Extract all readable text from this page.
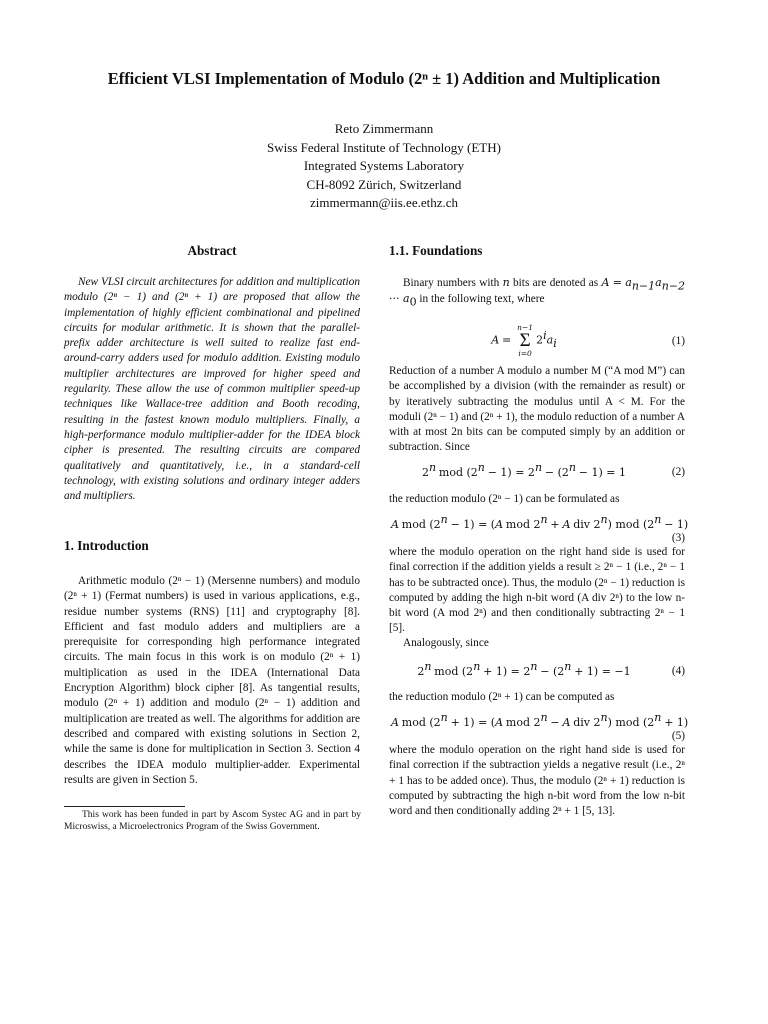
Efficient VLSI Implementation of Modulo (2ⁿ ± 1) Addition and Multiplication
Reto Zimmermann
Swiss Federal Institute of Technology (ETH)
Integrated Systems Laboratory
CH-8092 Zürich, Switzerland
zimmermann@iis.ee.ethz.ch
Abstract

New VLSI circuit architectures for addition and multiplication modulo (2ⁿ − 1) and (2ⁿ + 1) are proposed that allow the implementation of highly efficient combinational and pipelined circuits for modular arithmetic. It is shown that the parallel-prefix adder architecture is well suited to realize fast end-around-carry adders used for modulo addition. Existing modulo multiplier architectures are improved for higher speed and regularity. These allow the use of common multiplier speed-up techniques like Wallace-tree addition and Booth recoding, resulting in the fastest known modulo multipliers. Finally, a high-performance modulo multiplier-adder for the IDEA block cipher is presented. The resulting circuits are compared qualitatively and quantitatively, i.e., in a standard-cell technology, with existing solutions and ordinary integer adders and multipliers.

1. Introduction

Arithmetic modulo (2ⁿ − 1) (Mersenne numbers) and modulo (2ⁿ + 1) (Fermat numbers) is used in various applications, e.g., residue number systems (RNS) [11] and cryptography [8]. Efficient and fast modulo adders and multipliers are a prerequisite for corresponding high performance integrated circuits. The main focus in this work is on modulo (2ⁿ + 1) multiplication as used in the IDEA (International Data Encryption Algorithm) block cipher [8]. As tangential results, modulo (2ⁿ + 1) addition and modulo (2ⁿ − 1) addition and multiplication are treated as well. The algorithms for addition are described and compared with existing solutions in Section 2, while the same is done for multiplication in Section 3. Section 4 describes the IDEA modulo multiplier-adder. Experimental results are given in Section 5.

This work has been funded in part by Ascom Systec AG and in part by Microswiss, a Microelectronics Program of the Swiss Government.

1.1. Foundations

Binary numbers with n bits are denoted as $A = a_{n-1}a_{n-2}$ ··· $a_0$ in the following text, where

A =
n−1
Σ
i=0
$2^ia_i$	(1)

Reduction of a number A modulo a number M (“A mod M”) can be accomplished by a division (with the remainder as result) or by iteratively subtracting the modulus until A < M. For the moduli (2ⁿ − 1) and (2ⁿ + 1), the modulo reduction of a number A with at most 2n bits can be computed simply by an addition or subtraction. Since

2$^n$ mod $(2^n - 1) = 2^n - (2^n - 1) = 1$	(2)

the reduction modulo (2ⁿ − 1) can be formulated as

A mod $(2^n - 1) = (A$ mod $2^n + A$ div 2$^n$) mod $(2^n - 1)$
(3)

where the modulo operation on the right hand side is used for final correction if the addition yields a result ≥ 2ⁿ − 1 (i.e., 2ⁿ − 1 has to be subtracted once). Thus, the modulo (2ⁿ − 1) reduction is computed by adding the high n-bit word (A div 2ⁿ) to the low n-bit word (A mod 2ⁿ) and then conditionally subtracting 2ⁿ − 1 [5].

Analogously, since

2$^n$ mod $(2^n + 1) = 2^n - (2^n + 1) = -1$	(4)

the reduction modulo (2ⁿ + 1) can be computed as

A mod $(2^n + 1) = (A$ mod $2^n - A$ div 2$^n$) mod $(2^n + 1)$
(5)

where the modulo operation on the right hand side is used for final correction if the subtraction yields a negative result (i.e., 2ⁿ + 1 has to be added once). Thus, the modulo (2ⁿ + 1) reduction is computed by subtracting the high n-bit word from the low n-bit word and then conditionally adding 2ⁿ + 1 [5, 13].
